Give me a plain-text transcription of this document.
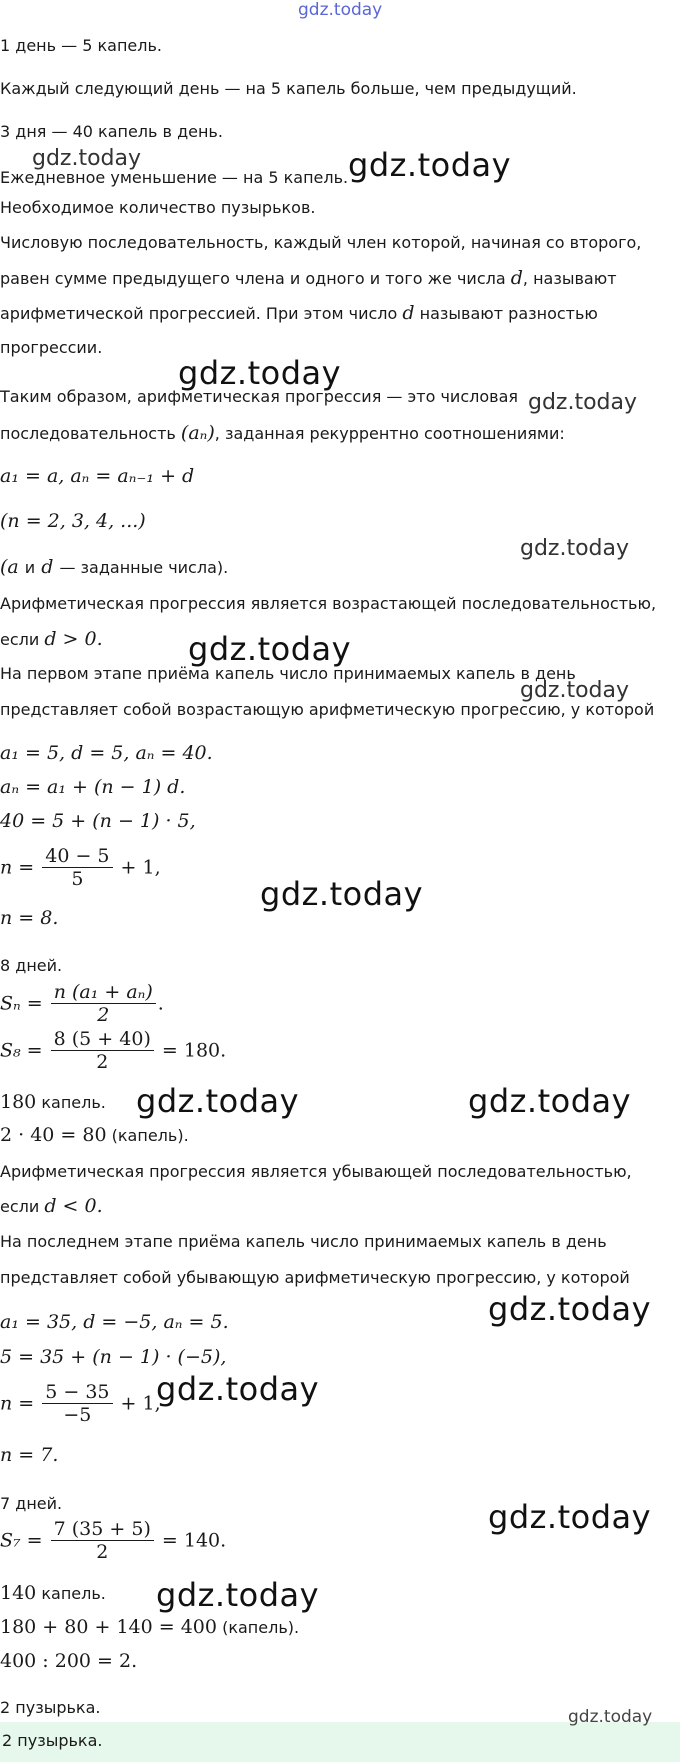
gdz.today
1 день — 5 капель.
Каждый следующий день — на 5 капель больше, чем предыдущий.
3 дня — 40 капель в день.
Ежедневное уменьшение — на 5 капель.
Необходимое количество пузырьков.
Числовую последовательность, каждый член которой, начиная со второго,
равен сумме предыдущего члена и одного и того же числа d, называют
арифметической прогрессией. При этом число d называют разностью
прогрессии.
Таким образом, арифметическая прогрессия — это числовая
последовательность (aₙ), заданная рекуррентно соотношениями:
a₁ = a, aₙ = aₙ₋₁ + d
(n = 2, 3, 4, ...)
(a и d — заданные числа).
Арифметическая прогрессия является возрастающей последовательностью,
если d > 0.
На первом этапе приёма капель число принимаемых капель в день
представляет собой возрастающую арифметическую прогрессию, у которой
a₁ = 5, d = 5, aₙ = 40.
aₙ = a₁ + (n − 1) d.
40 = 5 + (n − 1) · 5,
$n = \frac{40 - 5}{5} + 1$,
n = 8.
8 дней.
$S_n = \frac{\text{n (a₁ + aₙ)}}{2}$ .
$S_8 = \frac{8 (5 + 40)}{2} = 180$.
180 капель.
2 · 40 = 80 (капель).
Арифметическая прогрессия является убывающей последовательностью,
если d < 0.
На последнем этапе приёма капель число принимаемых капель в день
представляет собой убывающую арифметическую прогрессию, у которой
a₁ = 35, d = −5, aₙ = 5.
5 = 35 + (n − 1) · (−5),
$n = \frac{5 - 35}{-5} + 1$,
n = 7.
7 дней.
$S_7 = \frac{7 (35 + 5)}{2} = 140$.
140 капель.
180 + 80 + 140 = 400 (капель).
400 : 200 = 2.
2 пузырька.
2 пузырька.
gdz.today	gdz.today
gdz.today
gdz.today
gdz.today
gdz.today
gdz.today
gdz.today
gdz.today	gdz.today
gdz.today
gdz.today
gdz.today
gdz.today
gdz.today
